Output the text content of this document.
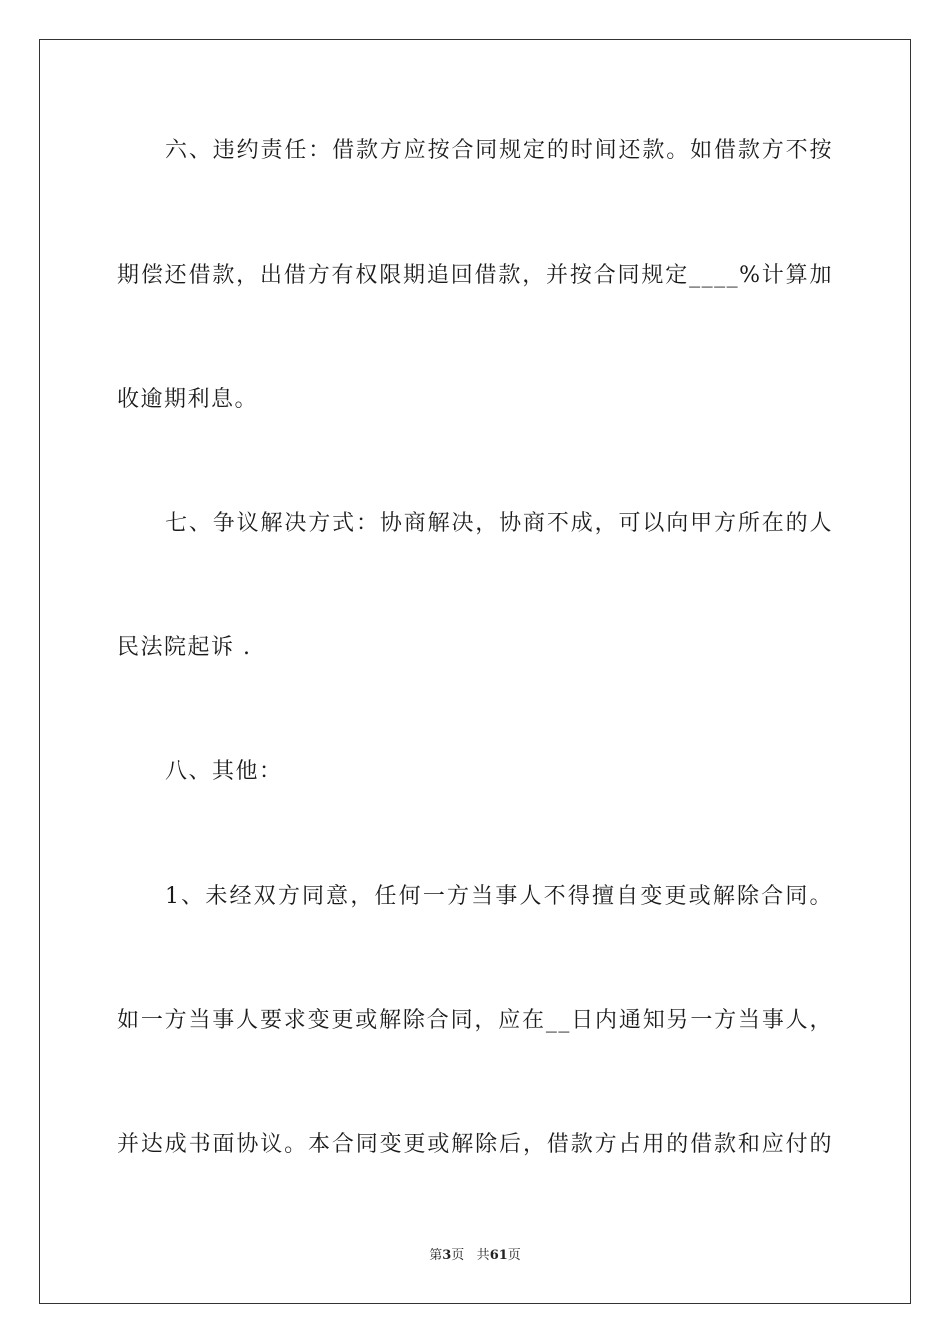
六、违约责任：借款方应按合同规定的时间还款。如借款方不按
期偿还借款，出借方有权限期追回借款，并按合同规定____%计算加
收逾期利息。
七、争议解决方式：协商解决，协商不成，可以向甲方所在的人
民法院起诉 .
八、其他：
1、未经双方同意，任何一方当事人不得擅自变更或解除合同。
如一方当事人要求变更或解除合同，应在__日内通知另一方当事人，
并达成书面协议。本合同变更或解除后，借款方占用的借款和应付的
第3页 共61页
